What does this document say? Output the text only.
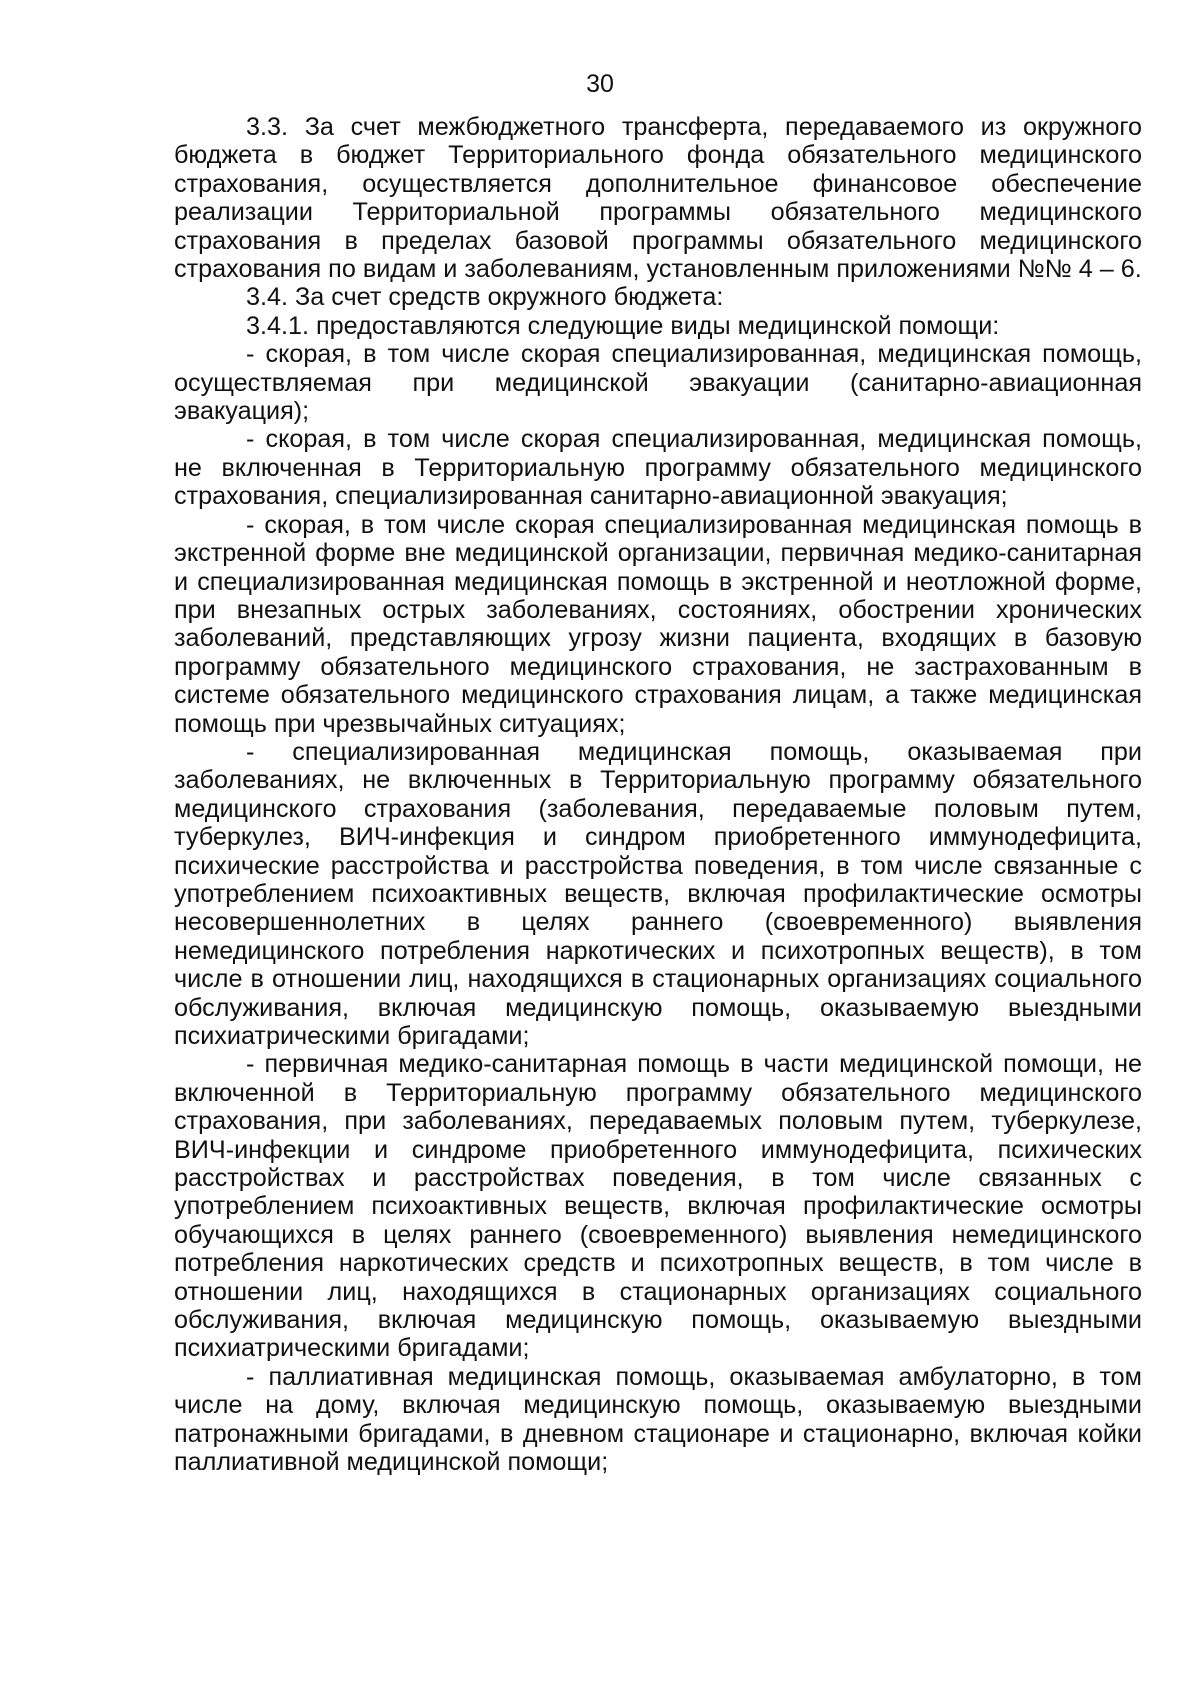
30

3.3. За счет межбюджетного трансферта, передаваемого из окружного бюджета в бюджет Территориального фонда обязательного медицинского страхования, осуществляется дополнительное финансовое обеспечение реализации Территориальной программы обязательного медицинского страхования в пределах базовой программы обязательного медицинского страхования по видам и заболеваниям, установленным приложениями №№ 4 – 6.

3.4. За счет средств окружного бюджета:

3.4.1. предоставляются следующие виды медицинской помощи:

- скорая, в том числе скорая специализированная, медицинская помощь, осуществляемая при медицинской эвакуации (санитарно-авиационная эвакуация);

- скорая, в том числе скорая специализированная, медицинская помощь, не включенная в Территориальную программу обязательного медицинского страхования, специализированная санитарно-авиационной эвакуация;

- скорая, в том числе скорая специализированная медицинская помощь в экстренной форме вне медицинской организации, первичная медико-санитарная и специализированная медицинская помощь в экстренной и неотложной форме, при внезапных острых заболеваниях, состояниях, обострении хронических заболеваний, представляющих угрозу жизни пациента, входящих в базовую программу обязательного медицинского страхования, не застрахованным в системе обязательного медицинского страхования лицам, а также медицинская помощь при чрезвычайных ситуациях;

- специализированная медицинская помощь, оказываемая при заболеваниях, не включенных в Территориальную программу обязательного медицинского страхования (заболевания, передаваемые половым путем, туберкулез, ВИЧ-инфекция и синдром приобретенного иммунодефицита, психические расстройства и расстройства поведения, в том числе связанные с употреблением психоактивных веществ, включая профилактические осмотры несовершеннолетних в целях раннего (своевременного) выявления немедицинского потребления наркотических и психотропных веществ), в том числе в отношении лиц, находящихся в стационарных организациях социального обслуживания, включая медицинскую помощь, оказываемую выездными психиатрическими бригадами;

- первичная медико-санитарная помощь в части медицинской помощи, не включенной в Территориальную программу обязательного медицинского страхования, при заболеваниях, передаваемых половым путем, туберкулезе, ВИЧ-инфекции и синдроме приобретенного иммунодефицита, психических расстройствах и расстройствах поведения, в том числе связанных с употреблением психоактивных веществ, включая профилактические осмотры обучающихся в целях раннего (своевременного) выявления немедицинского потребления наркотических средств и психотропных веществ, в том числе в отношении лиц, находящихся в стационарных организациях социального обслуживания, включая медицинскую помощь, оказываемую выездными психиатрическими бригадами;

- паллиативная медицинская помощь, оказываемая амбулаторно, в том числе на дому, включая медицинскую помощь, оказываемую выездными патронажными бригадами, в дневном стационаре и стационарно, включая койки паллиативной медицинской помощи;
